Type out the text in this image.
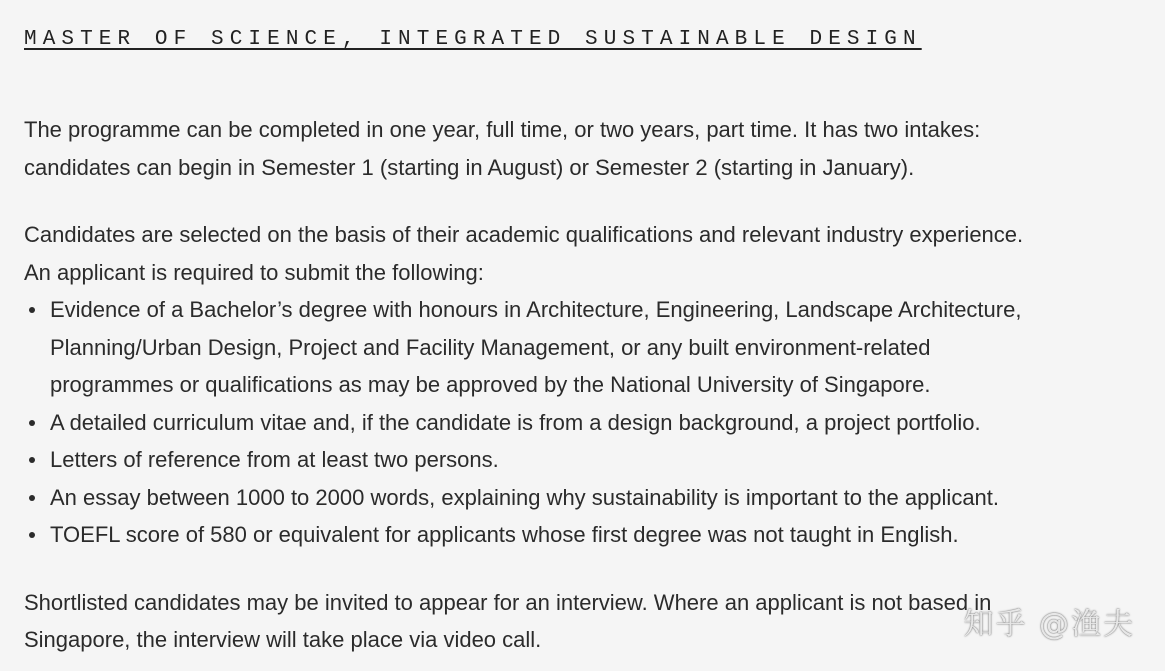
MASTER OF SCIENCE, INTEGRATED SUSTAINABLE DESIGN

The programme can be completed in one year, full time, or two years, part time. It has two intakes:
candidates can begin in Semester 1 (starting in August) or Semester 2 (starting in January).

Candidates are selected on the basis of their academic qualifications and relevant industry experience.
An applicant is required to submit the following:

Evidence of a Bachelor’s degree with honours in Architecture, Engineering, Landscape Architecture,
Planning/Urban Design, Project and Facility Management, or any built environment-related
programmes or qualifications as may be approved by the National University of Singapore.
A detailed curriculum vitae and, if the candidate is from a design background, a project portfolio.
Letters of reference from at least two persons.
An essay between 1000 to 2000 words, explaining why sustainability is important to the applicant.
TOEFL score of 580 or equivalent for applicants whose first degree was not taught in English.

Shortlisted candidates may be invited to appear for an interview. Where an applicant is not based in
Singapore, the interview will take place via video call.	知乎 @渔夫
